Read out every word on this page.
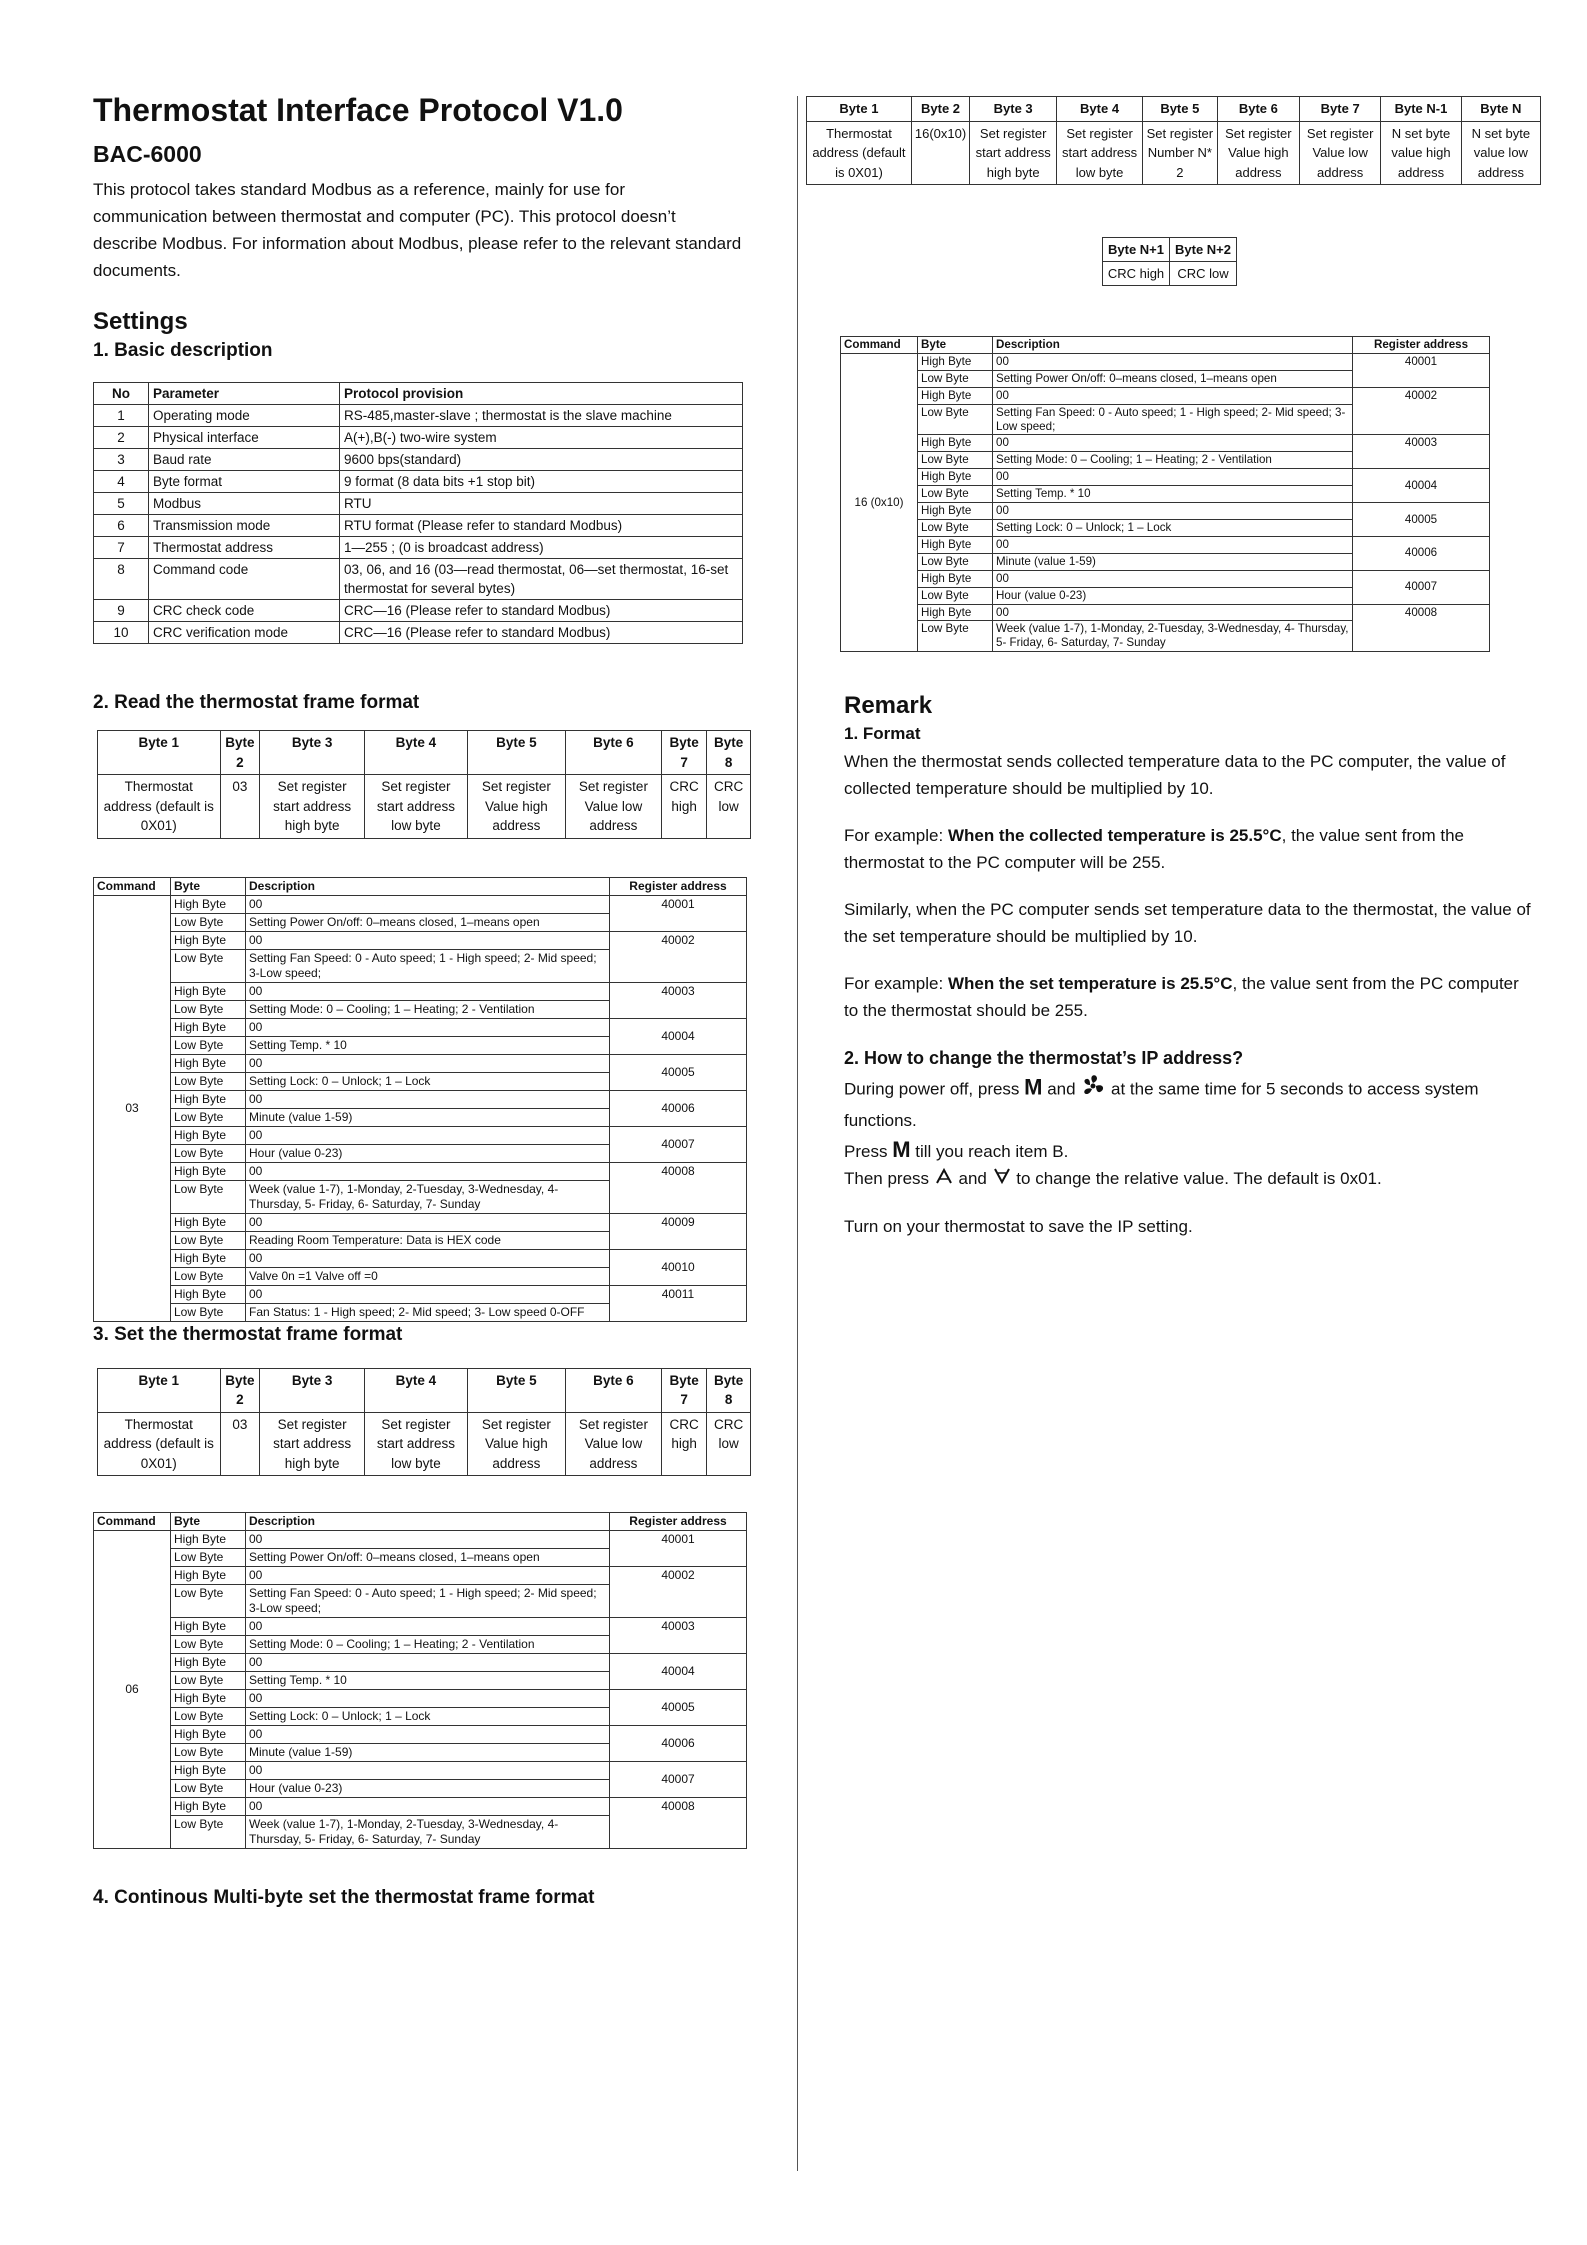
Thermostat Interface Protocol V1.0
BAC-6000

This protocol takes standard Modbus as a reference, mainly for use for communication between thermostat and computer (PC). This protocol doesn’t describe Modbus. For information about Modbus, please refer to the relevant standard documents.

Settings
1. Basic description
No	Parameter	Protocol provision
1	Operating mode	RS-485,master-slave ; thermostat is the slave machine
2	Physical interface	A(+),B(-) two-wire system
3	Baud rate	9600 bps(standard)
4	Byte format	9 format (8 data bits +1 stop bit)
5	Modbus	RTU
6	Transmission mode	RTU format (Please refer to standard Modbus)
7	Thermostat address	1—255 ; (0 is broadcast address)
8	Command code	03, 06, and 16 (03—read thermostat, 06—set thermostat, 16-set thermostat for several bytes)
9	CRC check code	CRC—16 (Please refer to standard Modbus)
10	CRC verification mode	CRC—16 (Please refer to standard Modbus)
2. Read the thermostat frame format
Byte 1	Byte 2	Byte 3	Byte 4	Byte 5	Byte 6	Byte 7	Byte 8
Thermostat address (default is 0X01)	03	Set register start address high byte	Set register start address low byte	Set register Value high address	Set register Value low address	CRC high	CRC low
Command	Byte	Description	Register address
03	High Byte	00	40001
	Low Byte	Setting Power On/off: 0–means closed, 1–means open	
	High Byte	00	40002
	Low Byte	Setting Fan Speed: 0 - Auto speed; 1 - High speed; 2- Mid speed; 3-Low speed;	
	High Byte	00	40003
	Low Byte	Setting Mode: 0 – Cooling; 1 – Heating; 2 - Ventilation	
	High Byte	00	40004
	Low Byte	Setting Temp. * 10	
	High Byte	00	40005
	Low Byte	Setting Lock: 0 – Unlock; 1 – Lock	
	High Byte	00	40006
	Low Byte	Minute (value 1-59)	
	High Byte	00	40007
	Low Byte	Hour (value 0-23)	
	High Byte	00	40008
	Low Byte	Week (value 1-7), 1-Monday, 2-Tuesday, 3-Wednesday, 4- Thursday, 5- Friday, 6- Saturday, 7- Sunday	
	High Byte	00	40009
	Low Byte	Reading Room Temperature: Data is HEX code	
	High Byte	00	40010
	Low Byte	Valve 0n =1 Valve off =0	
	High Byte	00	40011
	Low Byte	Fan Status: 1 - High speed; 2- Mid speed; 3- Low speed 0-OFF	
3. Set the thermostat frame format
Byte 1	Byte 2	Byte 3	Byte 4	Byte 5	Byte 6	Byte 7	Byte 8
Thermostat address (default is 0X01)	03	Set register start address high byte	Set register start address low byte	Set register Value high address	Set register Value low address	CRC high	CRC low
Command	Byte	Description	Register address
06	High Byte	00	40001
	Low Byte	Setting Power On/off: 0–means closed, 1–means open	
	High Byte	00	40002
	Low Byte	Setting Fan Speed: 0 - Auto speed; 1 - High speed; 2- Mid speed; 3-Low speed;	
	High Byte	00	40003
	Low Byte	Setting Mode: 0 – Cooling; 1 – Heating; 2 - Ventilation	
	High Byte	00	40004
	Low Byte	Setting Temp. * 10	
	High Byte	00	40005
	Low Byte	Setting Lock: 0 – Unlock; 1 – Lock	
	High Byte	00	40006
	Low Byte	Minute (value 1-59)	
	High Byte	00	40007
	Low Byte	Hour (value 0-23)	
	High Byte	00	40008
	Low Byte	Week (value 1-7), 1-Monday, 2-Tuesday, 3-Wednesday, 4- Thursday, 5- Friday, 6- Saturday, 7- Sunday	
4. Continous Multi-byte set the thermostat frame format
Byte 1	Byte 2	Byte 3	Byte 4	Byte 5	Byte 6	Byte 7	Byte N-1	Byte N
Thermostat address (default is 0X01)	16(0x10)	Set register start address high byte	Set register start address low byte	Set register Number N* 2	Set register Value high address	Set register Value low address	N set byte value high address	N set byte value low address
Byte N+1	Byte N+2
CRC high	CRC low
Command	Byte	Description	Register address
16 (0x10)	High Byte	00	40001
	Low Byte	Setting Power On/off: 0–means closed, 1–means open	
	High Byte	00	40002
	Low Byte	Setting Fan Speed: 0 - Auto speed; 1 - High speed; 2- Mid speed; 3-Low speed;	
	High Byte	00	40003
	Low Byte	Setting Mode: 0 – Cooling; 1 – Heating; 2 - Ventilation	
	High Byte	00	40004
	Low Byte	Setting Temp. * 10	
	High Byte	00	40005
	Low Byte	Setting Lock: 0 – Unlock; 1 – Lock	
	High Byte	00	40006
	Low Byte	Minute (value 1-59)	
	High Byte	00	40007
	Low Byte	Hour (value 0-23)	
	High Byte	00	40008
	Low Byte	Week (value 1-7), 1-Monday, 2-Tuesday, 3-Wednesday, 4- Thursday, 5- Friday, 6- Saturday, 7- Sunday	
Remark
1. Format

When the thermostat sends collected temperature data to the PC computer, the value of collected temperature should be multiplied by 10.

For example: When the collected temperature is 25.5°C, the value sent from the thermostat to the PC computer will be 255.

Similarly, when the PC computer sends set temperature data to the thermostat, the value of the set temperature should be multiplied by 10.

For example: When the set temperature is 25.5°C, the value sent from the PC computer to the thermostat should be 255.

2. How to change the thermostat’s IP address?

During power off, press M and  at the same time for 5 seconds to access system functions.

Press M till you reach item B.

Then press  and  to change the relative value. The default is 0x01.

Turn on your thermostat to save the IP setting.
